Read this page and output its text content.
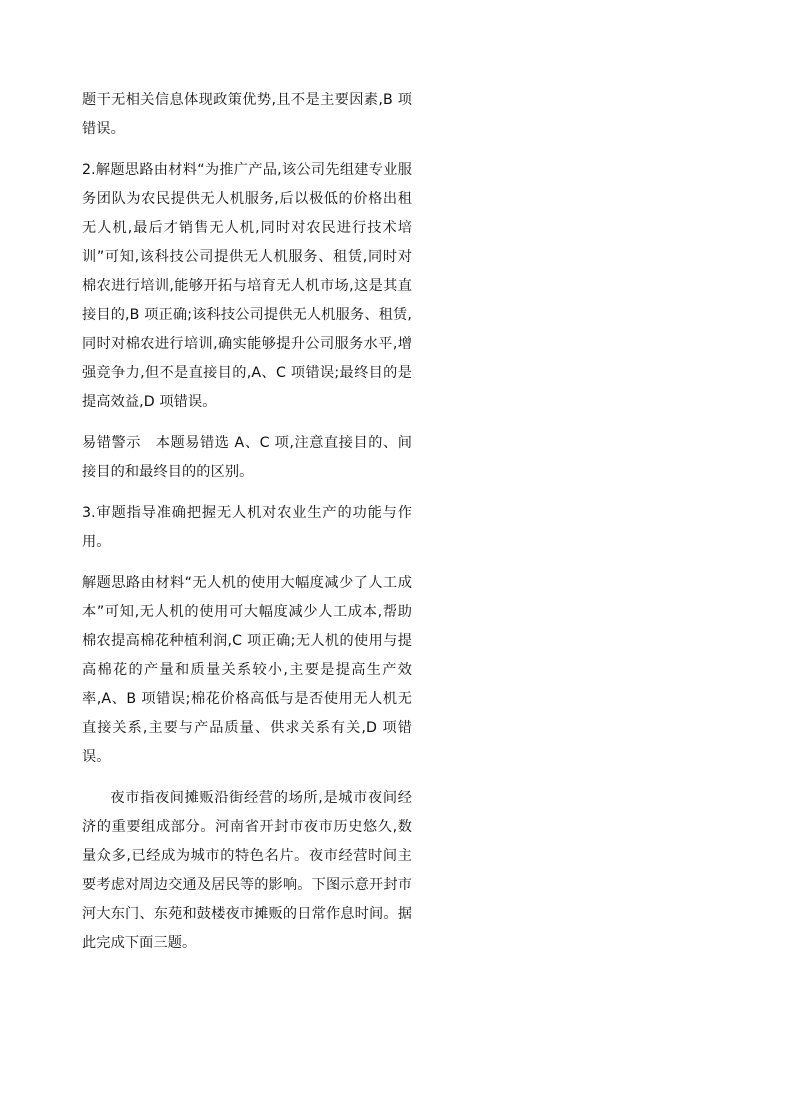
题干无相关信息体现政策优势,且不是主要因素,B 项错误。

2.解题思路由材料“为推广产品,该公司先组建专业服务团队为农民提供无人机服务,后以极低的价格出租无人机,最后才销售无人机,同时对农民进行技术培训”可知,该科技公司提供无人机服务、租赁,同时对棉农进行培训,能够开拓与培育无人机市场,这是其直接目的,B 项正确;该科技公司提供无人机服务、租赁,同时对棉农进行培训,确实能够提升公司服务水平,增强竞争力,但不是直接目的,A、C 项错误;最终目的是提高效益,D 项错误。

易错警示　本题易错选 A、C 项,注意直接目的、间接目的和最终目的的区别。

3.审题指导准确把握无人机对农业生产的功能与作用。

解题思路由材料“无人机的使用大幅度减少了人工成本”可知,无人机的使用可大幅度减少人工成本,帮助棉农提高棉花种植利润,C 项正确;无人机的使用与提高棉花的产量和质量关系较小,主要是提高生产效率,A、B 项错误;棉花价格高低与是否使用无人机无直接关系,主要与产品质量、供求关系有关,D 项错误。

夜市指夜间摊贩沿街经营的场所,是城市夜间经济的重要组成部分。河南省开封市夜市历史悠久,数量众多,已经成为城市的特色名片。夜市经营时间主要考虑对周边交通及居民等的影响。下图示意开封市河大东门、东苑和鼓楼夜市摊贩的日常作息时间。据此完成下面三题。
